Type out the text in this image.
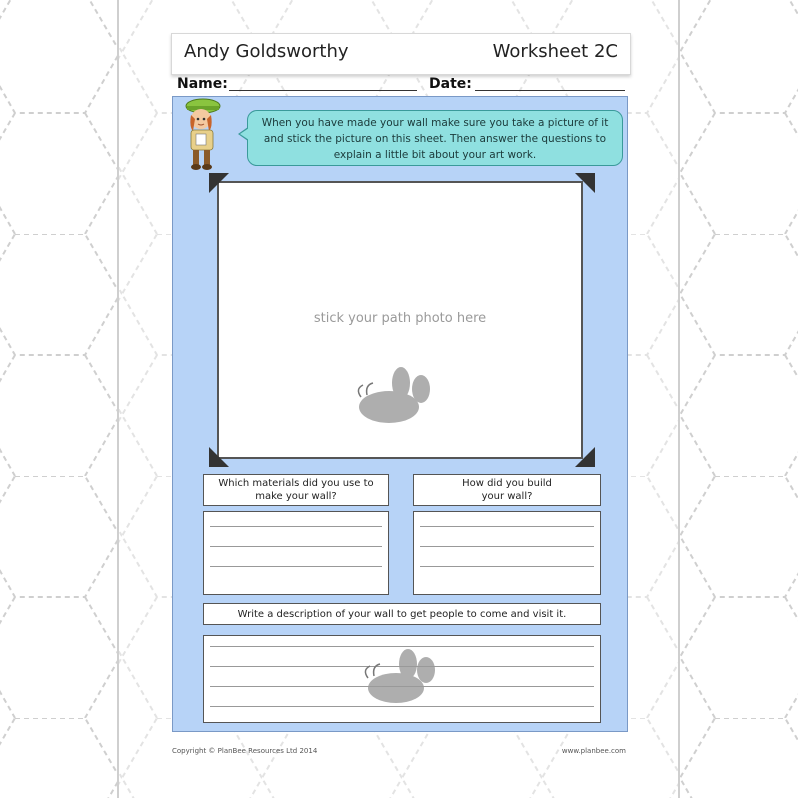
Andy Goldsworthy	Worksheet 2C
Name:	Date:
When you have made your wall make sure you take a picture of it and stick the picture on this sheet. Then answer the questions to explain a little bit about your art work.
stick your path photo here
Which materials did you use to make your wall?
How did you build your wall?
Write a description of your wall to get people to come and visit it.
Copyright © PlanBee Resources Ltd 2014	www.planbee.com
